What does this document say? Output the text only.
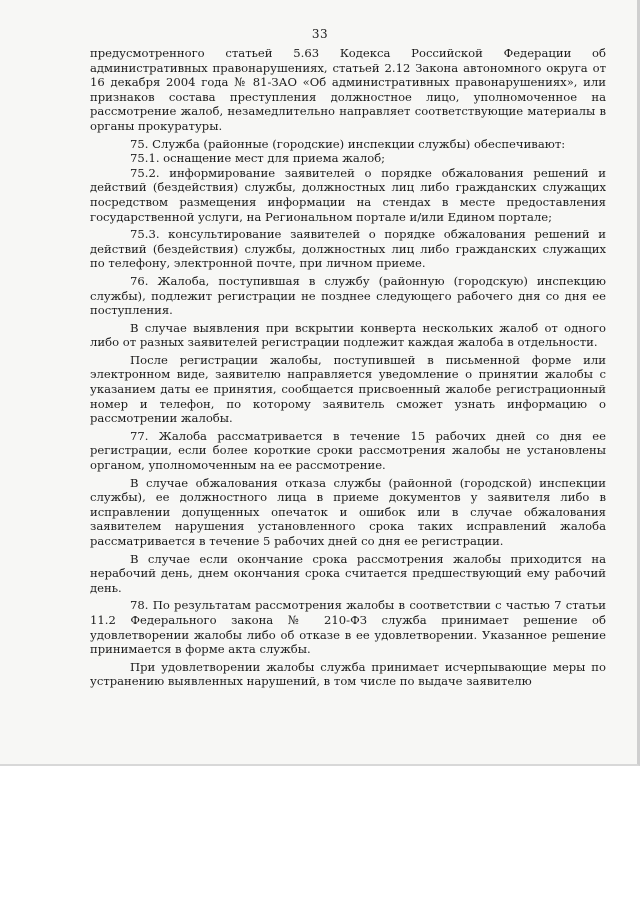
33

предусмотренного статьей 5.63 Кодекса Российской Федерации об административных правонарушениях, статьей 2.12 Закона автономного округа от 16 декабря 2004 года № 81-ЗАО «Об административных правонарушениях», или признаков состава преступления должностное лицо, уполномоченное на рассмотрение жалоб, незамедлительно направляет соответствующие материалы в органы прокуратуры.

75. Служба (районные (городские) инспекции службы) обеспечивают:

75.1. оснащение мест для приема жалоб;

75.2. информирование заявителей о порядке обжалования решений и действий (бездействия) службы, должностных лиц либо гражданских служащих посредством размещения информации на стендах в месте предоставления государственной услуги, на Региональном портале и/или Едином портале;

75.3. консультирование заявителей о порядке обжалования решений и действий (бездействия) службы, должностных лиц либо гражданских служащих по телефону, электронной почте, при личном приеме.

76. Жалоба, поступившая в службу (районную (городскую) инспекцию службы), подлежит регистрации не позднее следующего рабочего дня со дня ее поступления.

В случае выявления при вскрытии конверта нескольких жалоб от одного либо от разных заявителей регистрации подлежит каждая жалоба в отдельности.

После регистрации жалобы, поступившей в письменной форме или электронном виде, заявителю направляется уведомление о принятии жалобы с указанием даты ее принятия, сообщается присвоенный жалобе регистрационный номер и телефон, по которому заявитель сможет узнать информацию о рассмотрении жалобы.

77. Жалоба рассматривается в течение 15 рабочих дней со дня ее регистрации, если более короткие сроки рассмотрения жалобы не установлены органом, уполномоченным на ее рассмотрение.

В случае обжалования отказа службы (районной (городской) инспекции службы), ее должностного лица в приеме документов у заявителя либо в исправлении допущенных опечаток и ошибок или в случае обжалования заявителем нарушения установленного срока таких исправлений жалоба рассматривается в течение 5 рабочих дней со дня ее регистрации.

В случае если окончание срока рассмотрения жалобы приходится на нерабочий день, днем окончания срока считается предшествующий ему рабочий день.

78. По результатам рассмотрения жалобы в соответствии с частью 7 статьи 11.2 Федерального закона № 210-ФЗ служба принимает решение об удовлетворении жалобы либо об отказе в ее удовлетворении. Указанное решение принимается в форме акта службы.

При удовлетворении жалобы служба принимает исчерпывающие меры по устранению выявленных нарушений, в том числе по выдаче заявителю
